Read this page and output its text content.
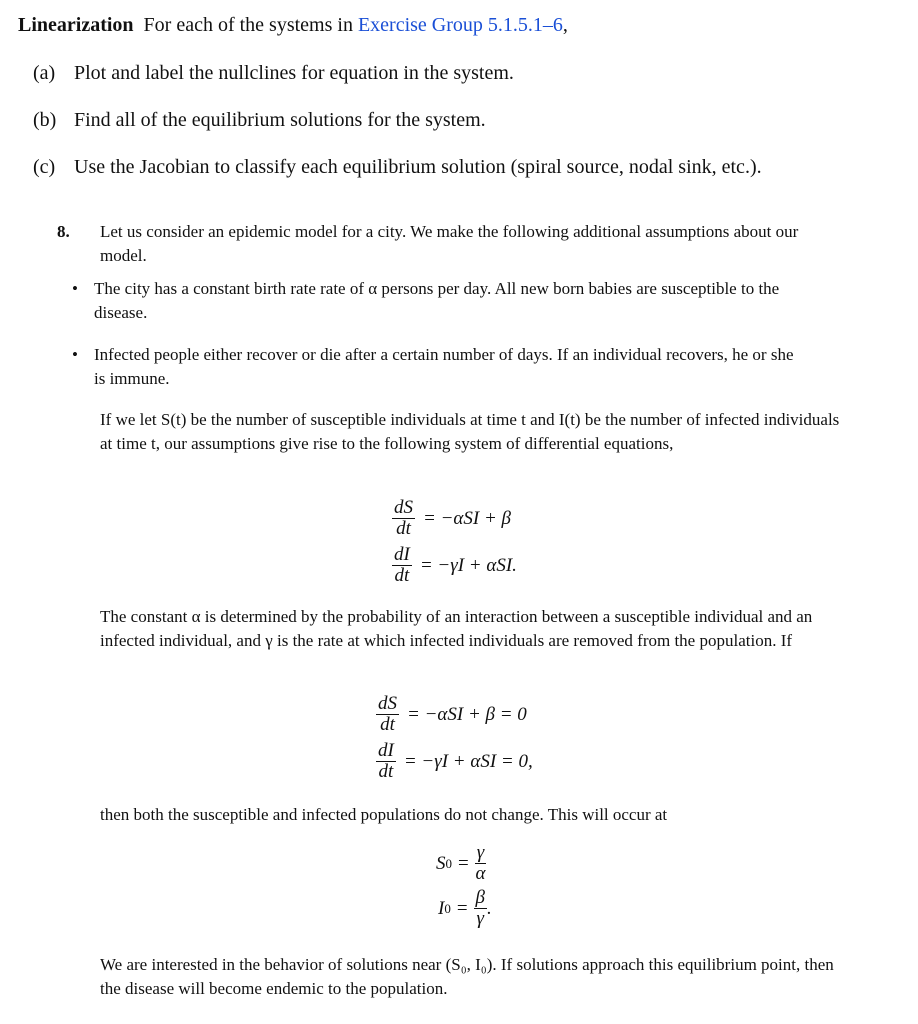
Linearization For each of the systems in Exercise Group 5.1.5.1–6,
(a) Plot and label the nullclines for equation in the system.
(b) Find all of the equilibrium solutions for the system.
(c) Use the Jacobian to classify each equilibrium solution (spiral source, nodal sink, etc.).
8. Let us consider an epidemic model for a city. We make the following additional assumptions about our model.
• The city has a constant birth rate rate of α persons per day. All new born babies are susceptible to the disease.
• Infected people either recover or die after a certain number of days. If an individual recovers, he or she is immune.
If we let S(t) be the number of susceptible individuals at time t and I(t) be the number of infected individuals at time t, our assumptions give rise to the following system of differential equations,
$\frac{dS}{dt} = -\alpha SI + \beta$
$\frac{dI}{dt} = -\gamma I + \alpha SI$.
The constant α is determined by the probability of an interaction between a susceptible individual and an infected individual, and γ is the rate at which infected individuals are removed from the population. If
$\frac{dS}{dt} = -\alpha SI + \beta = 0$
$\frac{dI}{dt} = -\gamma I + \alpha SI = 0$,
then both the susceptible and infected populations do not change. This will occur at
S $0 = \frac{\gamma}{\alpha}$
I $0 = \frac{\beta}{\gamma}$ .
We are interested in the behavior of solutions near (S₀, I₀). If solutions approach this equilibrium point, then the disease will become endemic to the population.
